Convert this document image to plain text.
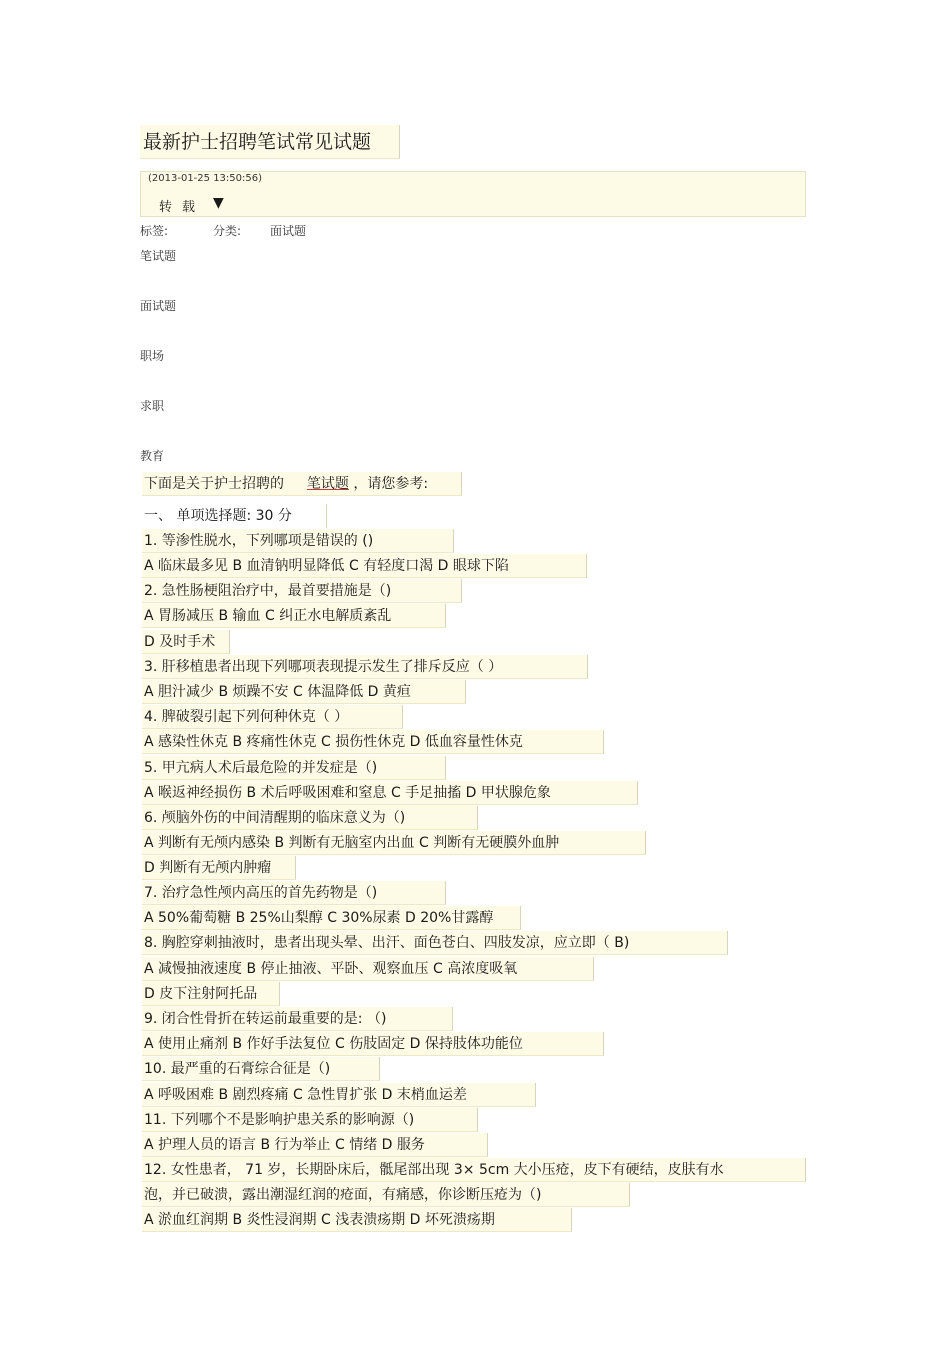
最新护士招聘笔试常见试题
(2013-01-25 13:50:56)
转载 ▼
标签:	分类: 面试题
笔试题
面试题
职场
求职
教育
下面是关于护士招聘的 笔试题 ，请您参考:
一、 单项选择题: 30 分
1. 等渗性脱水，下列哪项是错误的 ()
A 临床最多见 B 血清钠明显降低 C 有轻度口渴 D 眼球下陷
2. 急性肠梗阻治疗中，最首要措施是（)
A 胃肠减压 B 输血 C 纠正水电解质紊乱
D 及时手术
3. 肝移植患者出现下列哪项表现提示发生了排斥反应（ ）
A 胆汁减少 B 烦躁不安 C 体温降低 D 黄疸
4. 脾破裂引起下列何种休克（ ）
A 感染性休克 B 疼痛性休克 C 损伤性休克 D 低血容量性休克
5. 甲亢病人术后最危险的并发症是（)
A 喉返神经损伤 B 术后呼吸困难和窒息 C 手足抽搐 D 甲状腺危象
6. 颅脑外伤的中间清醒期的临床意义为（)
A 判断有无颅内感染 B 判断有无脑室内出血 C 判断有无硬膜外血肿
D 判断有无颅内肿瘤
7. 治疗急性颅内高压的首先药物是（)
A 50%葡萄糖 B 25%山梨醇 C 30%尿素 D 20%甘露醇
8. 胸腔穿刺抽液时，患者出现头晕、出汗、面色苍白、四肢发凉，应立即（ B)
A 减慢抽液速度 B 停止抽液、平卧、观察血压 C 高浓度吸氧
D 皮下注射阿托品
9. 闭合性骨折在转运前最重要的是: （)
A 使用止痛剂 B 作好手法复位 C 伤肢固定 D 保持肢体功能位
10. 最严重的石膏综合征是（)
A 呼吸困难 B 剧烈疼痛 C 急性胃扩张 D 末梢血运差
11. 下列哪个不是影响护患关系的影响源（)
A 护理人员的语言 B 行为举止 C 情绪 D 服务
12. 女性患者， 71 岁，长期卧床后，骶尾部出现 3× 5cm 大小压疮，皮下有硬结，皮肤有水
泡，并已破溃，露出潮湿红润的疮面，有痛感，你诊断压疮为（)
A 淤血红润期 B 炎性浸润期 C 浅表溃疡期 D 坏死溃疡期
